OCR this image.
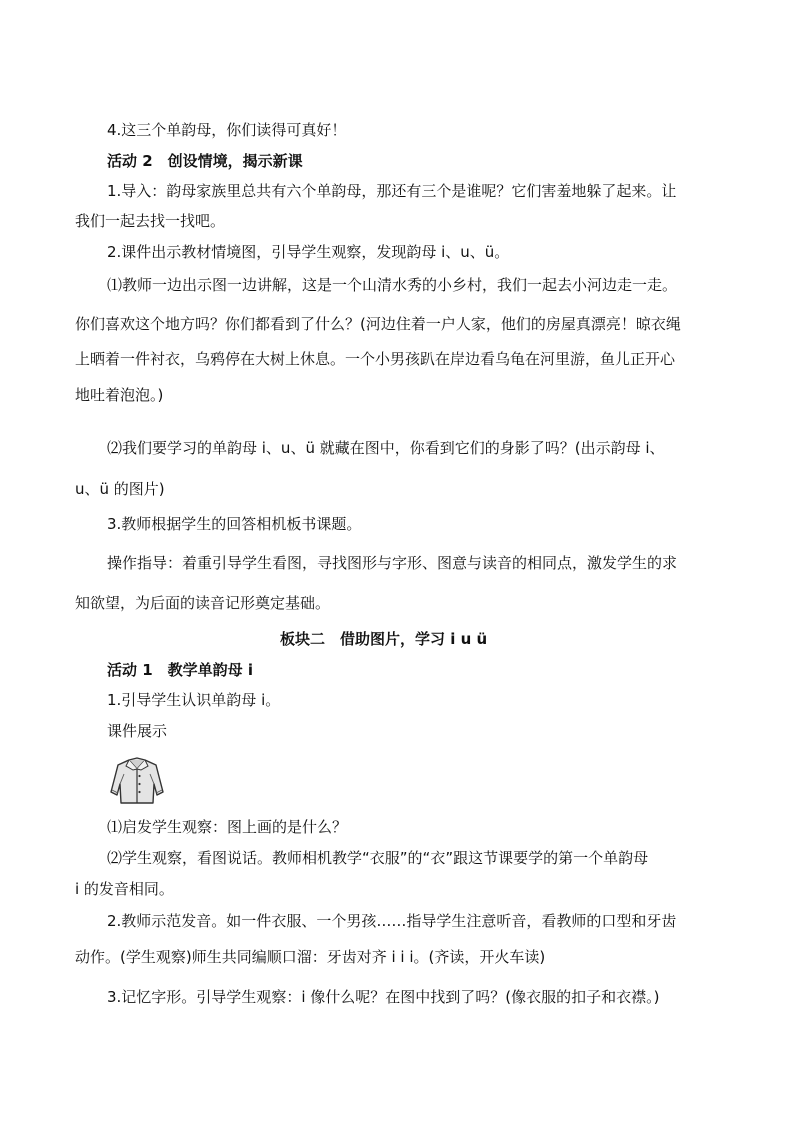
4.这三个单韵母，你们读得可真好！
活动 2　创设情境，揭示新课
1.导入：韵母家族里总共有六个单韵母，那还有三个是谁呢？它们害羞地躲了起来。让
我们一起去找一找吧。
2.课件出示教材情境图，引导学生观察，发现韵母 i、u、ü。
⑴教师一边出示图一边讲解，这是一个山清水秀的小乡村，我们一起去小河边走一走。
你们喜欢这个地方吗？你们都看到了什么？(河边住着一户人家，他们的房屋真漂亮！晾衣绳
上晒着一件衬衣，乌鸦停在大树上休息。一个小男孩趴在岸边看乌龟在河里游，鱼儿正开心
地吐着泡泡。)
⑵我们要学习的单韵母 i、u、ü 就藏在图中，你看到它们的身影了吗？(出示韵母 i、
u、ü 的图片)
3.教师根据学生的回答相机板书课题。
操作指导：着重引导学生看图，寻找图形与字形、图意与读音的相同点，激发学生的求
知欲望，为后面的读音记形奠定基础。
板块二　借助图片，学习 i u ü
活动 1　教学单韵母 i
1.引导学生认识单韵母 i。
课件展示
⑴启发学生观察：图上画的是什么？
⑵学生观察，看图说话。教师相机教学“衣服”的“衣”跟这节课要学的第一个单韵母
i 的发音相同。
2.教师示范发音。如一件衣服、一个男孩……指导学生注意听音，看教师的口型和牙齿
动作。(学生观察)师生共同编顺口溜：牙齿对齐 i i i。(齐读，开火车读)
3.记忆字形。引导学生观察：i 像什么呢？在图中找到了吗？(像衣服的扣子和衣襟。)
